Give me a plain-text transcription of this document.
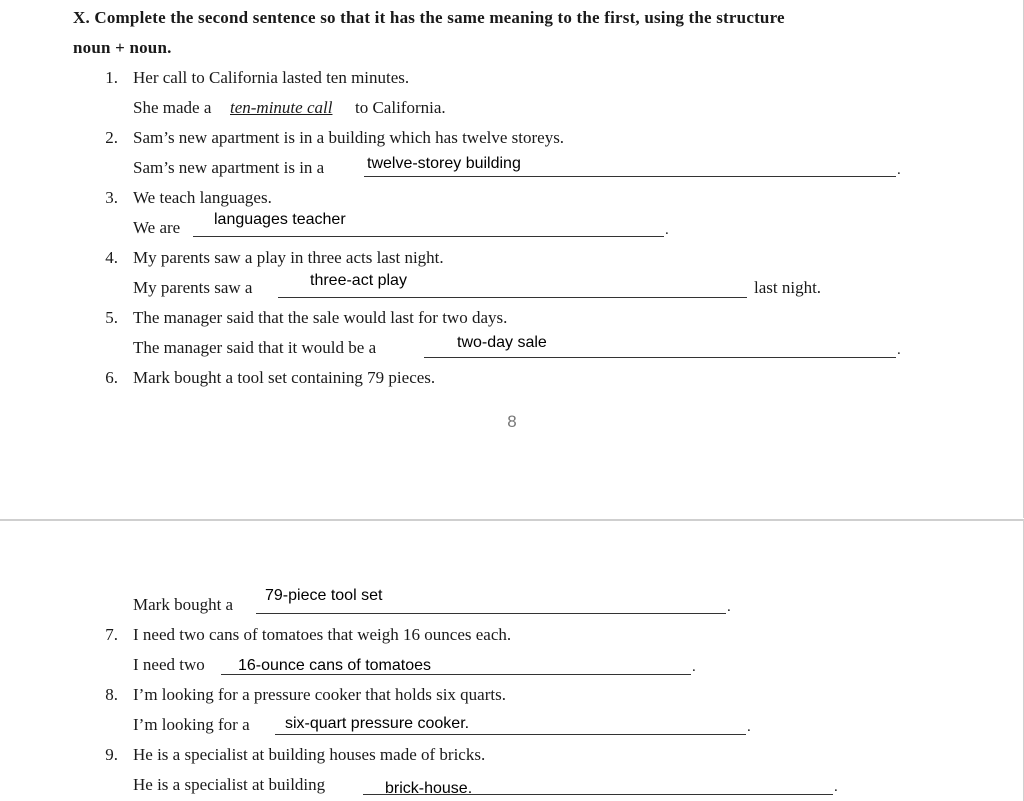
X. Complete the second sentence so that it has the same meaning to the first, using the structure
noun + noun.
1. Her call to California lasted ten minutes.
She made a ten-minute call to California.
2. Sam’s new apartment is in a building which has twelve storeys.
Sam’s new apartment is in a	twelve-storey building	.
3. We teach languages.
We are languages teacher
.
4. My parents saw a play in three acts last night.
My parents saw a	three-act play	last night.
5. The manager said that the sale would last for two days.
The manager said that it would be a	two-day sale	.
6. Mark bought a tool set containing 79 pieces.
8
Mark bought a 79-piece tool set
.
7. I need two cans of tomatoes that weigh 16 ounces each.
I need two 16-ounce cans of tomatoes	.
8. I’m looking for a pressure cooker that holds six quarts.
I’m looking for a six-quart pressure cooker.	.
9. He is a specialist at building houses made of bricks.
He is a specialist at building	brick-house.	.
